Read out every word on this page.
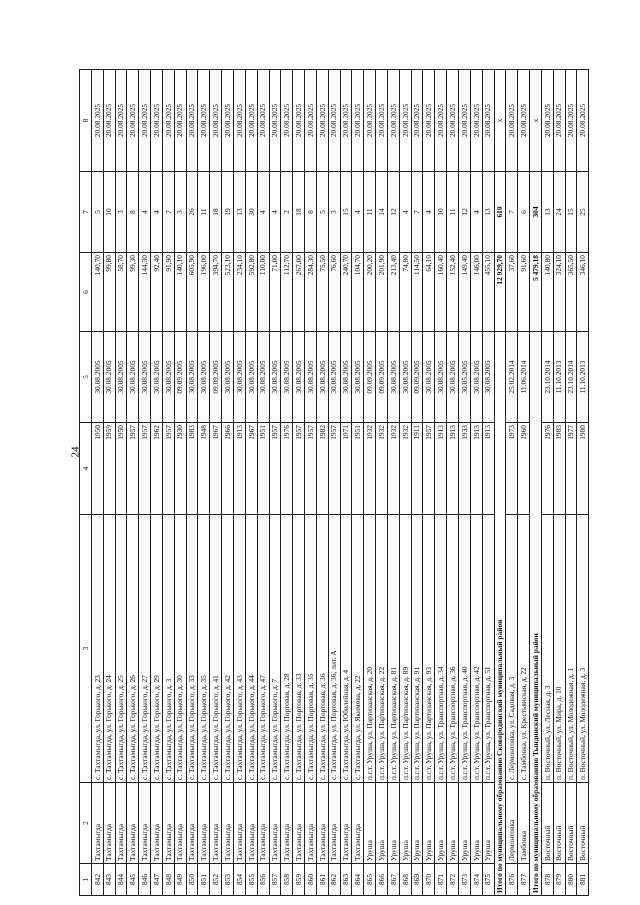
24
1	2	3	4	5	6	7	8
842	Тахтамыгда	с. Тахтамыгда, ул. Горького, д. 23	1950	30.08.2005	140,70	5	20.08.2025
843	Тахтамыгда	с. Тахтамыгда, ул. Горького, д. 24	1959	30.08.2005	99,80	10	20.08.2025
844	Тахтамыгда	с. Тахтамыгда, ул. Горького, д. 25	1950	30.08.2005	58,70	3	20.08.2025
845	Тахтамыгда	с. Тахтамыгда, ул. Горького, д. 26	1957	30.08.2005	99,30	8	20.08.2025
846	Тахтамыгда	с. Тахтамыгда, ул. Горького, д. 27	1957	30.08.2005	144,30	4	20.08.2025
847	Тахтамыгда	с. Тахтамыгда, ул. Горького, д. 29	1962	30.08.2005	92,40	4	20.08.2025
848	Тахтамыгда	с. Тахтамыгда, ул. Горького, д. 3	1957	30.08.2005	91,90	7	20.08.2025
849	Тахтамыгда	с. Тахтамыгда, ул. Горького, д. 30	1930	09.09.2005	140,10	3	20.08.2025
850	Тахтамыгда	с. Тахтамыгда, ул. Горького, д. 33	1983	30.08.2005	605,90	26	20.08.2025
851	Тахтамыгда	с. Тахтамыгда, ул. Горького, д. 35	1948	30.08.2005	196,00	11	20.08.2025
852	Тахтамыгда	с. Тахтамыгда, ул. Горького, д. 41	1967	09.09.2005	394,70	18	20.08.2025
853	Тахтамыгда	с. Тахтамыгда, ул. Горького, д. 42	1966	30.08.2005	523,10	19	20.08.2025
854	Тахтамыгда	с. Тахтамыгда, ул. Горького, д. 43	1913	30.08.2005	234,10	13	20.08.2025
855	Тахтамыгда	с. Тахтамыгда, ул. Горького, д. 44	1967	30.08.2005	592,80	30	20.08.2025
856	Тахтамыгда	с. Тахтамыгда, ул. Горького, д. 47	1951	30.08.2005	110,00	4	20.08.2025
857	Тахтамыгда	с. Тахтамыгда, ул. Горького, д. 7	1957	30.08.2005	71,00	4	20.08.2025
858	Тахтамыгда	с. Тахтамыгда, ул. Портовая, д. 28	1976	30.08.2005	112,70	2	20.08.2025
859	Тахтамыгда	с. Тахтамыгда, ул. Портовая, д. 33	1957	30.08.2005	267,00	18	20.08.2025
860	Тахтамыгда	с. Тахтамыгда, ул. Портовая, д. 35	1957	30.08.2005	284,30	8	20.08.2025
861	Тахтамыгда	с. Тахтамыгда, ул. Портовая, д. 36	1982	30.08.2005	75,50	5	20.08.2025
862	Тахтамыгда	с. Тахтамыгда, ул. Портовая, д. 36, лит. А	1957	30.08.2005	76,60	3	20.08.2025
863	Тахтамыгда	с. Тахтамыгда, ул. Юбилейная, д. 4	1971	30.08.2005	240,70	15	20.08.2025
864	Тахтамыгда	с. Тахтамыгда, ул. Якимова, д. 22	1951	30.08.2005	104,70	4	20.08.2025
865	Уруша	п.г.т. Уруша, ул. Партизанская, д. 20	1932	09.09.2005	200,20	11	20.08.2025
866	Уруша	п.г.т. Уруша, ул. Партизанская, д. 22	1932	09.09.2005	201,90	14	20.08.2025
867	Уруша	п.г.т. Уруша, ул. Партизанская, д. 81	1932	30.08.2005	213,40	12	20.08.2025
868	Уруша	п.г.т. Уруша, ул. Партизанская, д. 89	1932	30.08.2005	74,80	4	20.08.2025
869	Уруша	п.г.т. Уруша, ул. Партизанская, д. 91	1911	09.09.2005	114,50	7	20.08.2025
870	Уруша	п.г.т. Уруша, ул. Партизанская, д. 93	1957	30.08.2005	64,10	4	20.08.2025
871	Уруша	п.г.т. Уруша, ул. Транспортная, д. 34	1913	30.08.2005	160,40	10	20.08.2025
872	Уруша	п.г.т. Уруша, ул. Транспортная, д. 36	1913	30.08.2005	152,40	11	20.08.2025
873	Уруша	п.г.т. Уруша, ул. Транспортная, д. 40	1933	30.05.2005	149,40	12	20.08.2025
874	Уруша	п.г.т. Уруша, ул. Транспортная, д. 42	1913	30.08.2005	146,00	4	20.08.2025
875	Уруша	п.г.т. Уруша, ул. Транспортная, д. 51	1913	30.08.2005	455,10	13	20.08.2025
Итого по муниципальному образованию Сковородинский муниципальный район					12 929,70	610	х
876	Лермонтовка	с. Лермонтовка, ул. Садовая, д. 3	1973	25.02.2014	37,60	7	20.08.2025
877	Тамбовка	с. Тамбовка, ул. Крестьянская, д. 22	1960	11.06.2014	91,60	6	20.08.2025
Итого по муниципальному образованию Тындинский муниципальный район					5 479,18	304	х
878	Восточный	п. Восточный, ул. Лесная, д. 3	1976	23.10.2014	140,80	13	20.08.2025
879	Восточный	п. Восточный, ул. Мира, д. 10	1983	11.10.2013	324,10	24	20.08.2025
880	Восточный	п. Восточный, ул. Молодежная, д. 1	1977	23.10.2014	365,50	15	20.08.2025
881	Восточный	п. Восточный, ул. Молодежная, д. 3	1980	11.10.2013	346,10	25	20.08.2025
